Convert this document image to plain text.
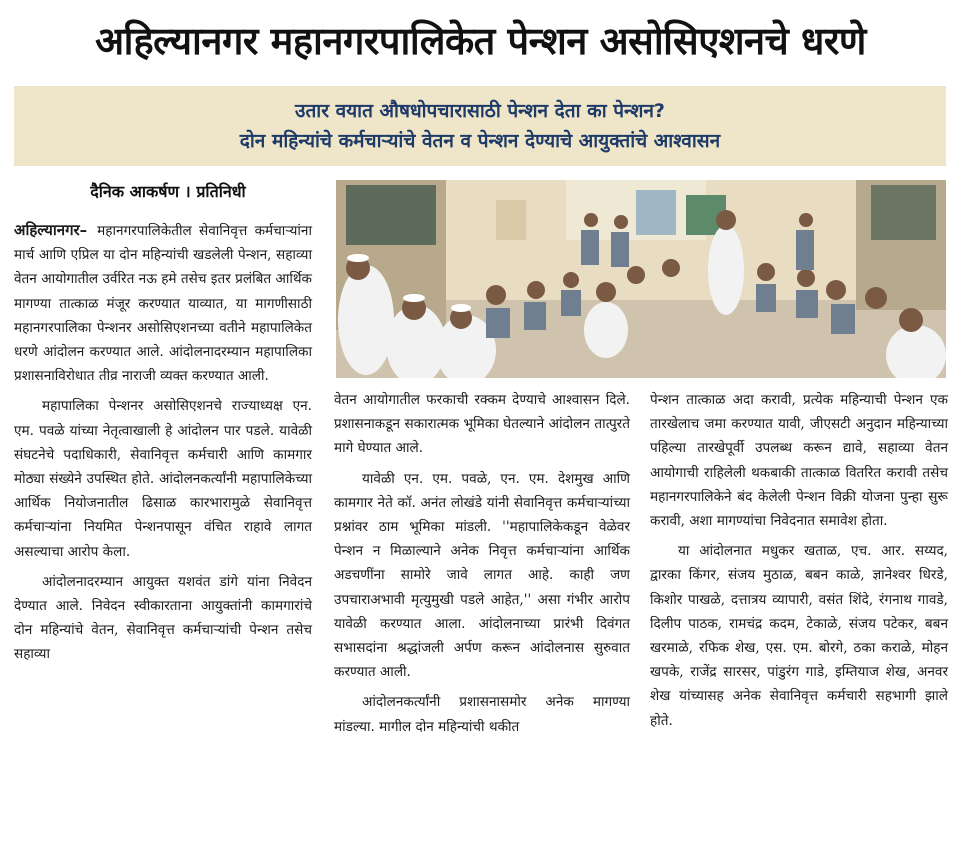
अहिल्यानगर महानगरपालिकेत पेन्शन असोसिएशनचे धरणे
उतार वयात औषधोपचारासाठी पेन्शन देता का पेन्शन?
दोन महिन्यांचे कर्मचाऱ्यांचे वेतन व पेन्शन देण्याचे आयुक्तांचे आश्वासन
दैनिक आकर्षण । प्रतिनिधी

अहिल्यानगर– महानगरपालिकेतील सेवानिवृत्त कर्मचाऱ्यांना मार्च आणि एप्रिल या दोन महिन्यांची खडलेली पेन्शन, सहाव्या वेतन आयोगातील उर्वरित नऊ हमे तसेच इतर प्रलंबित आर्थिक मागण्या तात्काळ मंजूर करण्यात याव्यात, या मागणीसाठी महानगरपालिका पेन्शनर असोसिएशनच्या वतीने महापालिकेत धरणे आंदोलन करण्यात आले. आंदोलनादरम्यान महापालिका प्रशासनाविरोधात तीव्र नाराजी व्यक्त करण्यात आली.

महापालिका पेन्शनर असोसिएशनचे राज्याध्यक्ष एन. एम. पवळे यांच्या नेतृत्वाखाली हे आंदोलन पार पडले. यावेळी संघटनेचे पदाधिकारी, सेवानिवृत्त कर्मचारी आणि कामगार मोठ्या संख्येने उपस्थित होते. आंदोलनकर्त्यांनी महापालिकेच्या आर्थिक नियोजनातील ढिसाळ कारभारामुळे सेवानिवृत्त कर्मचाऱ्यांना नियमित पेन्शनपासून वंचित राहावे लागत असल्याचा आरोप केला.

आंदोलनादरम्यान आयुक्त यशवंत डांगे यांना निवेदन देण्यात आले. निवेदन स्वीकारताना आयुक्तांनी कामगारांचे दोन महिन्यांचे वेतन, सेवानिवृत्त कर्मचाऱ्यांची पेन्शन तसेच सहाव्या

वेतन आयोगातील फरकाची रक्कम देण्याचे आश्वासन दिले. प्रशासनाकडून सकारात्मक भूमिका घेतल्याने आंदोलन तात्पुरते मागे घेण्यात आले.

यावेळी एन. एम. पवळे, एन. एम. देशमुख आणि कामगार नेते कॉ. अनंत लोखंडे यांनी सेवानिवृत्त कर्मचाऱ्यांच्या प्रश्नांवर ठाम भूमिका मांडली. ''महापालिकेकडून वेळेवर पेन्शन न मिळाल्याने अनेक निवृत्त कर्मचाऱ्यांना आर्थिक अडचणींना सामोरे जावे लागत आहे. काही जण उपचाराअभावी मृत्युमुखी पडले आहेत,'' असा गंभीर आरोप यावेळी करण्यात आला. आंदोलनाच्या प्रारंभी दिवंगत सभासदांना श्रद्धांजली अर्पण करून आंदोलनास सुरुवात करण्यात आली.

आंदोलनकर्त्यांनी प्रशासनासमोर अनेक मागण्या मांडल्या. मागील दोन महिन्यांची थकीत

पेन्शन तात्काळ अदा करावी, प्रत्येक महिन्याची पेन्शन एक तारखेलाच जमा करण्यात यावी, जीएसटी अनुदान महिन्याच्या पहिल्या तारखेपूर्वी उपलब्ध करून द्यावे, सहाव्या वेतन आयोगाची राहिलेली थकबाकी तात्काळ वितरित करावी तसेच महानगरपालिकेने बंद केलेली पेन्शन विक्री योजना पुन्हा सुरू करावी, अशा मागण्यांचा निवेदनात समावेश होता.

या आंदोलनात मधुकर खताळ, एच. आर. सय्यद, द्वारका किंगर, संजय मुठाळ, बबन काळे, ज्ञानेश्वर धिरडे, किशोर पाखळे, दत्तात्रय व्यापारी, वसंत शिंदे, रंगनाथ गावडे, दिलीप पाठक, रामचंद्र कदम, टेकाळे, संजय पटेकर, बबन खरमाळे, रफिक शेख, एस. एम. बोरगे, ठका कराळे, मोहन खपके, राजेंद्र सारसर, पांडुरंग गाडे, इम्तियाज शेख, अनवर शेख यांच्यासह अनेक सेवानिवृत्त कर्मचारी सहभागी झाले होते.
